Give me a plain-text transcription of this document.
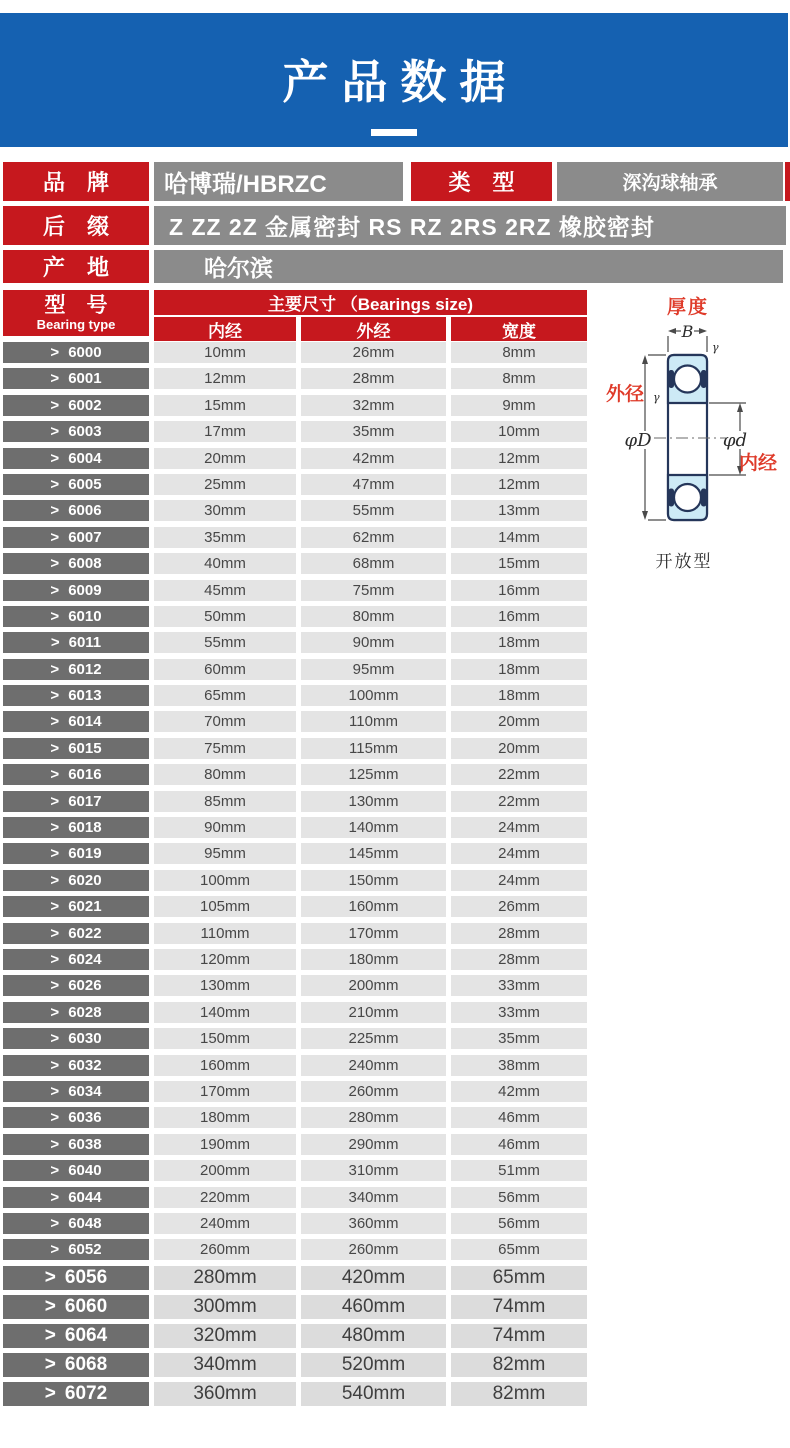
产品数据
品　牌	哈博瑞/HBRZC	类　型	深沟球轴承
后　缀	Z ZZ 2Z 金属密封 RS RZ 2RS 2RZ 橡胶密封
产　地	哈尔滨
型　号
Bearing type
主要尺寸 （Bearings size)
内经	外经	宽度
> 6000	10mm	26mm	8mm
> 6001	12mm	28mm	8mm
> 6002	15mm	32mm	9mm
> 6003	17mm	35mm	10mm
> 6004	20mm	42mm	12mm
> 6005	25mm	47mm	12mm
> 6006	30mm	55mm	13mm
> 6007	35mm	62mm	14mm
> 6008	40mm	68mm	15mm
> 6009	45mm	75mm	16mm
> 6010	50mm	80mm	16mm
> 6011	55mm	90mm	18mm
> 6012	60mm	95mm	18mm
> 6013	65mm	100mm	18mm
> 6014	70mm	110mm	20mm
> 6015	75mm	115mm	20mm
> 6016	80mm	125mm	22mm
> 6017	85mm	130mm	22mm
> 6018	90mm	140mm	24mm
> 6019	95mm	145mm	24mm
> 6020	100mm	150mm	24mm
> 6021	105mm	160mm	26mm
> 6022	110mm	170mm	28mm
> 6024	120mm	180mm	28mm
> 6026	130mm	200mm	33mm
> 6028	140mm	210mm	33mm
> 6030	150mm	225mm	35mm
> 6032	160mm	240mm	38mm
> 6034	170mm	260mm	42mm
> 6036	180mm	280mm	46mm
> 6038	190mm	290mm	46mm
> 6040	200mm	310mm	51mm
> 6044	220mm	340mm	56mm
> 6048	240mm	360mm	56mm
> 6052	260mm	260mm	65mm
> 6056	280mm	420mm	65mm
> 6060	300mm	460mm	74mm
> 6064	320mm	480mm	74mm
> 6068	340mm	520mm	82mm
> 6072	360mm	540mm	82mm
厚度
B
γ
γ
φD	φd
外径
内经
开放型
